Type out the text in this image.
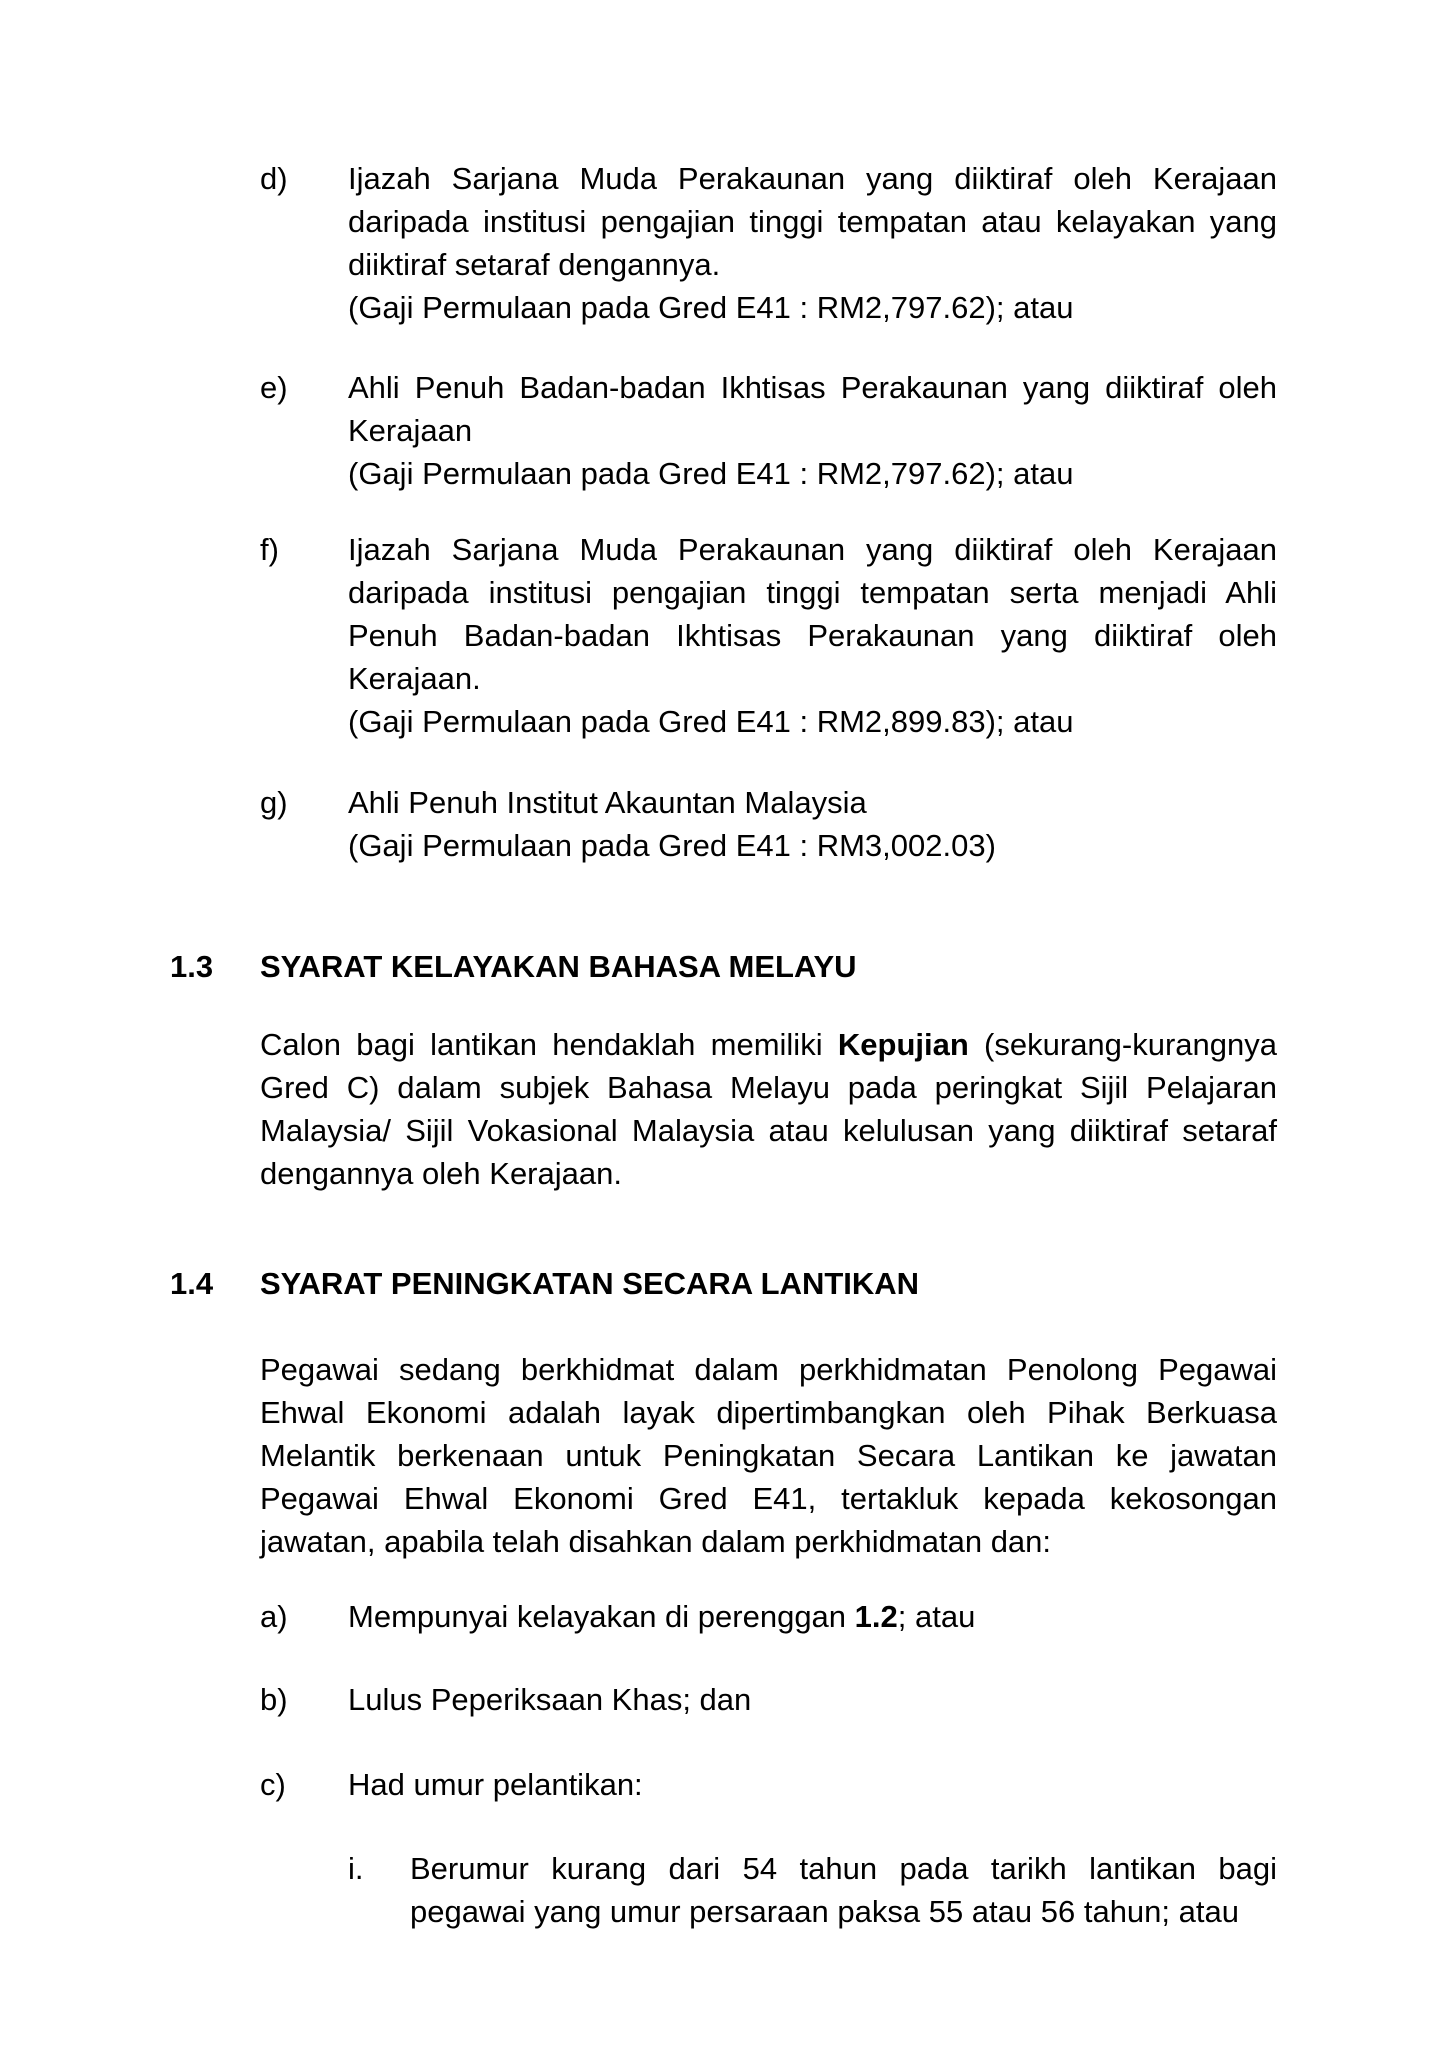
d)	Ijazah Sarjana Muda Perakaunan yang diiktiraf oleh Kerajaan
daripada institusi pengajian tinggi tempatan atau kelayakan yang
diiktiraf setaraf dengannya.
(Gaji Permulaan pada Gred E41 : RM2,797.62); atau
e)	Ahli Penuh Badan-badan Ikhtisas Perakaunan yang diiktiraf oleh
Kerajaan
(Gaji Permulaan pada Gred E41 : RM2,797.62); atau
f)	Ijazah Sarjana Muda Perakaunan yang diiktiraf oleh Kerajaan
daripada institusi pengajian tinggi tempatan serta menjadi Ahli
Penuh Badan-badan Ikhtisas Perakaunan yang diiktiraf oleh
Kerajaan.
(Gaji Permulaan pada Gred E41 : RM2,899.83); atau
g)	Ahli Penuh Institut Akauntan Malaysia
(Gaji Permulaan pada Gred E41 : RM3,002.03)
1.3	SYARAT KELAYAKAN BAHASA MELAYU
Calon bagi lantikan hendaklah memiliki Kepujian (sekurang-kurangnya
Gred C) dalam subjek Bahasa Melayu pada peringkat Sijil Pelajaran
Malaysia/ Sijil Vokasional Malaysia atau kelulusan yang diiktiraf setaraf
dengannya oleh Kerajaan.
1.4	SYARAT PENINGKATAN SECARA LANTIKAN
Pegawai sedang berkhidmat dalam perkhidmatan Penolong Pegawai
Ehwal Ekonomi adalah layak dipertimbangkan oleh Pihak Berkuasa
Melantik berkenaan untuk Peningkatan Secara Lantikan ke jawatan
Pegawai Ehwal Ekonomi Gred E41, tertakluk kepada kekosongan
jawatan, apabila telah disahkan dalam perkhidmatan dan:
a)	Mempunyai kelayakan di perenggan 1.2; atau
b)	Lulus Peperiksaan Khas; dan
c)	Had umur pelantikan:
i.	Berumur kurang dari 54 tahun pada tarikh lantikan bagi
pegawai yang umur persaraan paksa 55 atau 56 tahun; atau
